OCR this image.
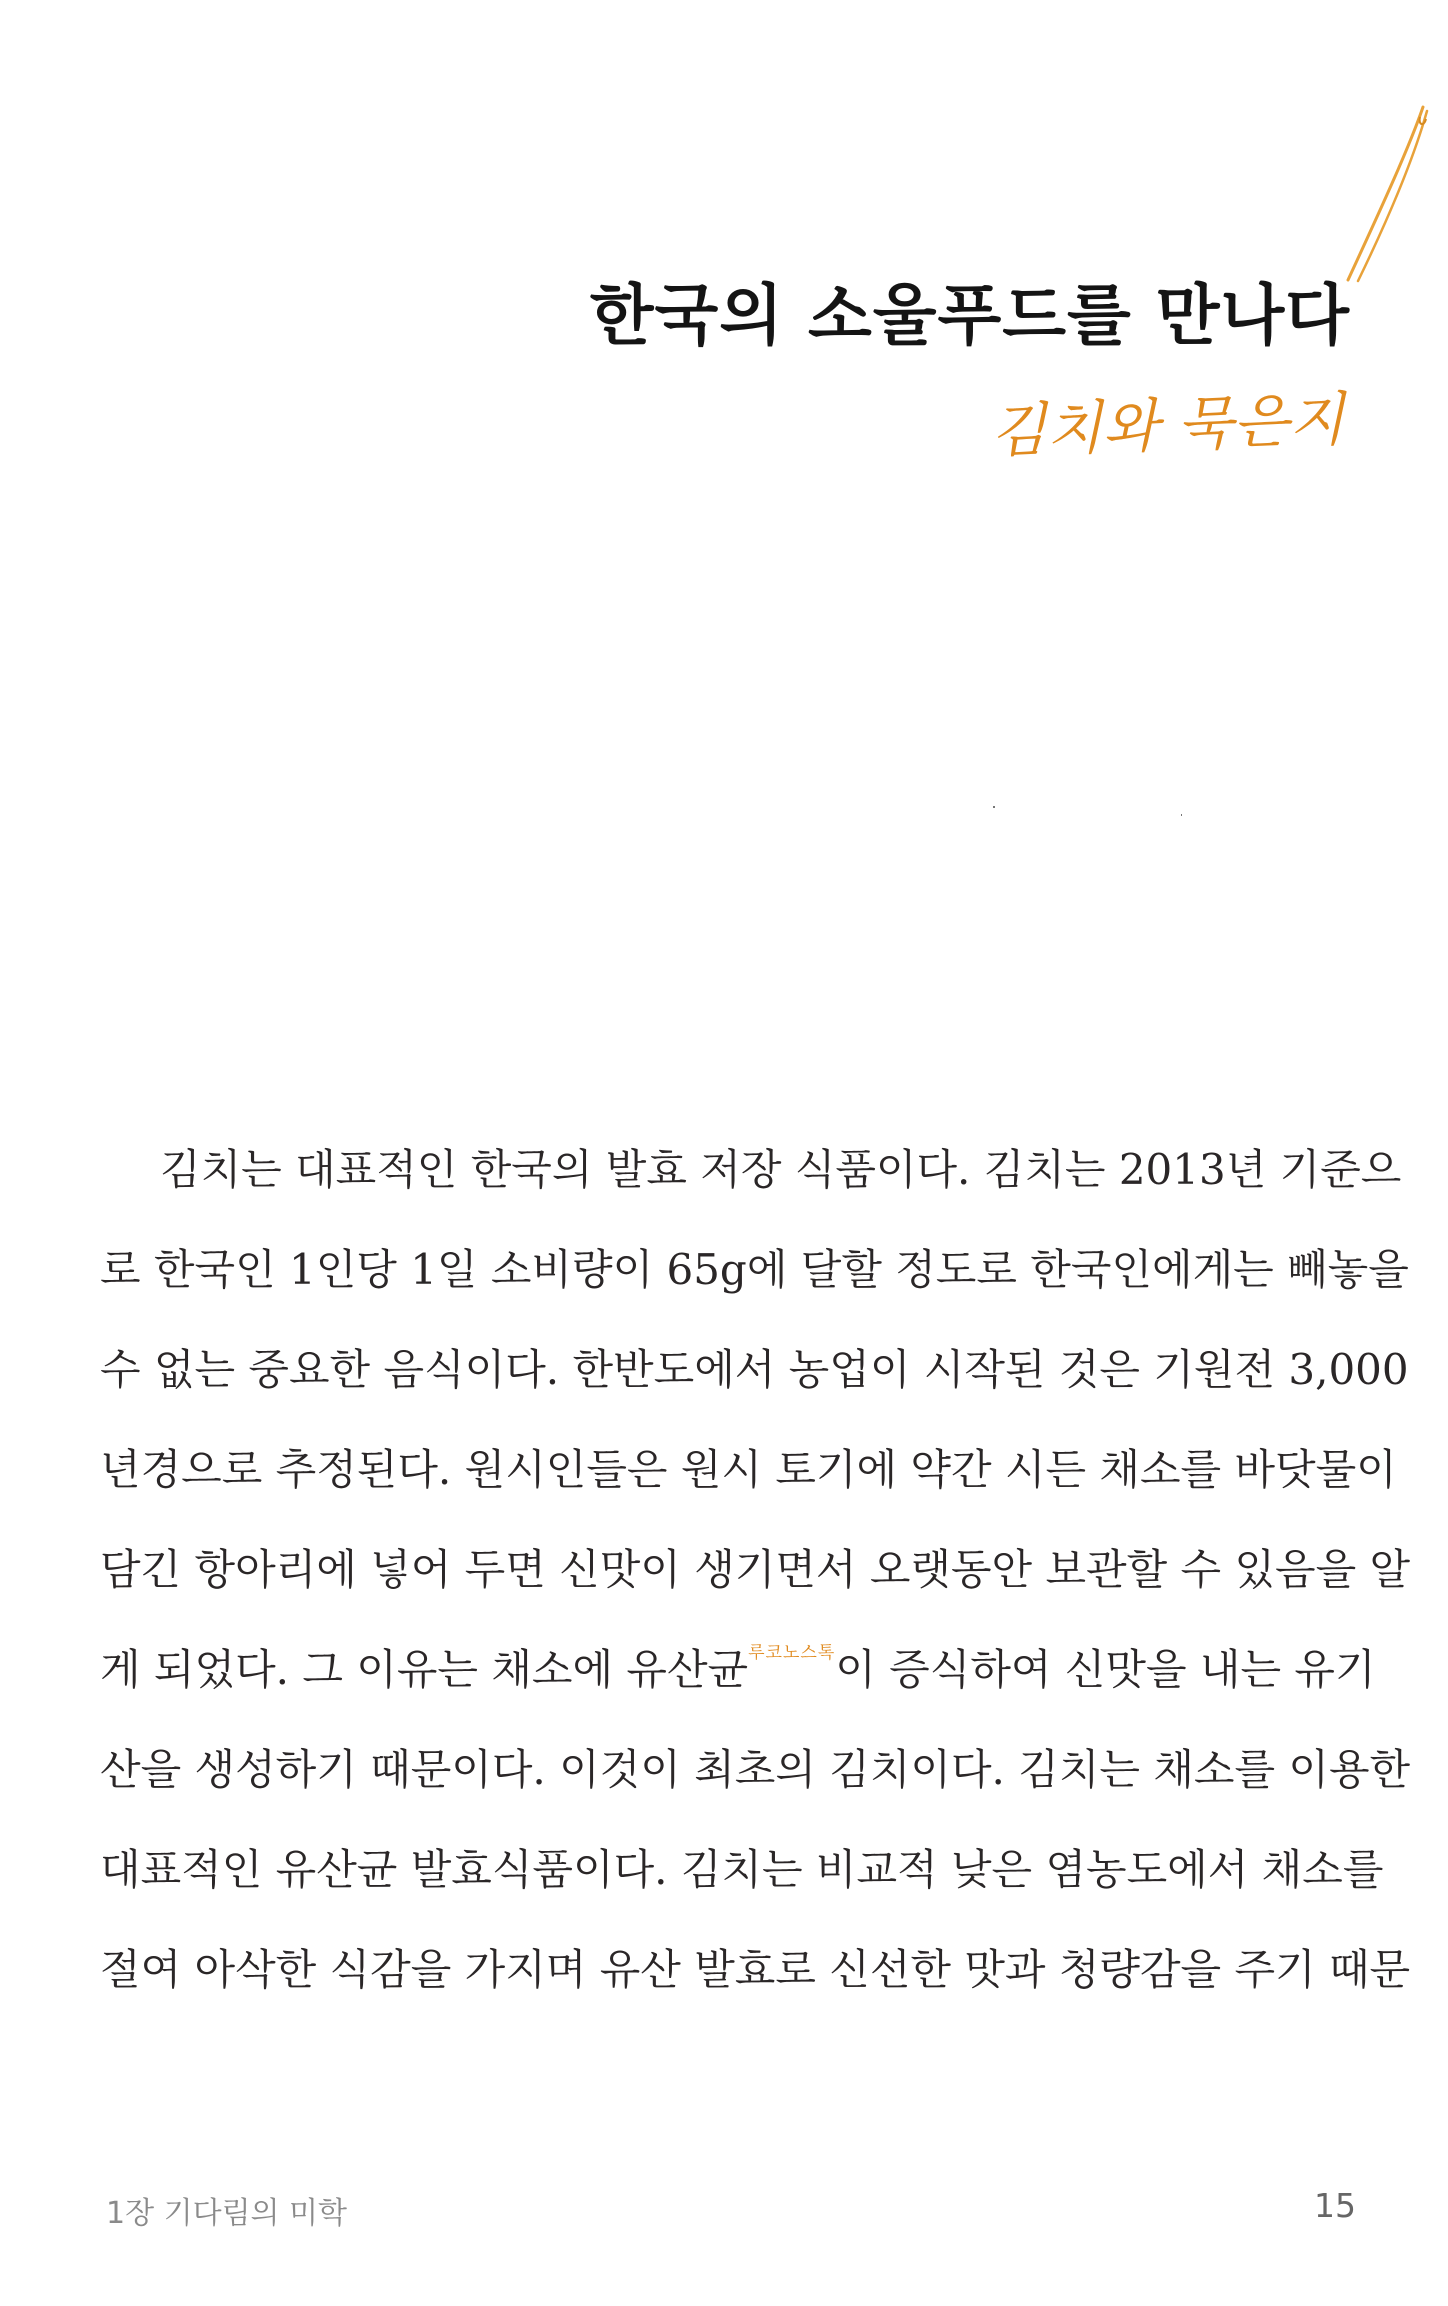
한국의 소울푸드를 만나다
김치와 묵은지
김치는 대표적인 한국의 발효 저장 식품이다. 김치는 2013년 기준으
로 한국인 1인당 1일 소비량이 65g에 달할 정도로 한국인에게는 빼놓을
수 없는 중요한 음식이다. 한반도에서 농업이 시작된 것은 기원전 3,000
년경으로 추정된다. 원시인들은 원시 토기에 약간 시든 채소를 바닷물이
담긴 항아리에 넣어 두면 신맛이 생기면서 오랫동안 보관할 수 있음을 알
게 되었다. 그 이유는 채소에 유산균$^{루코노스톡}$이 증식하여 신맛을 내는 유기
산을 생성하기 때문이다. 이것이 최초의 김치이다. 김치는 채소를 이용한
대표적인 유산균 발효식품이다. 김치는 비교적 낮은 염농도에서 채소를
절여 아삭한 식감을 가지며 유산 발효로 신선한 맛과 청량감을 주기 때문
1장 기다림의 미학	15
